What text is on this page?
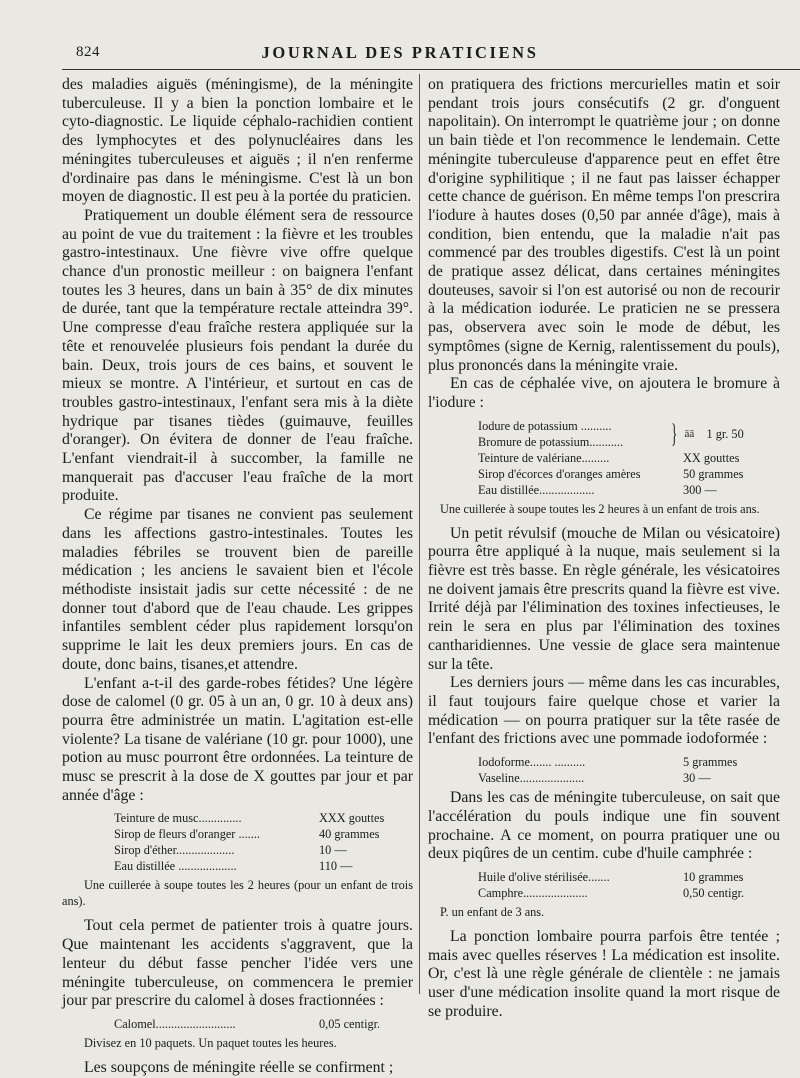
824	JOURNAL DES PRATICIENS

des maladies aiguës (méningisme), de la méningite tuberculeuse. Il y a bien la ponction lombaire et le cyto-diagnostic. Le liquide céphalo-rachidien contient des lymphocytes et des polynucléaires dans les méningites tuberculeuses et aiguës ; il n'en renferme d'ordinaire pas dans le méningisme. C'est là un bon moyen de diagnostic. Il est peu à la portée du praticien.

Pratiquement un double élément sera de ressource au point de vue du traitement : la fièvre et les troubles gastro-intestinaux. Une fièvre vive offre quelque chance d'un pronostic meilleur : on baignera l'enfant toutes les 3 heures, dans un bain à 35° de dix minutes de durée, tant que la température rectale atteindra 39°. Une compresse d'eau fraîche restera appliquée sur la tête et renouvelée plusieurs fois pendant la durée du bain. Deux, trois jours de ces bains, et souvent le mieux se montre. A l'intérieur, et surtout en cas de troubles gastro-intestinaux, l'enfant sera mis à la diète hydrique par tisanes tièdes (guimauve, feuilles d'oranger). On évitera de donner de l'eau fraîche. L'enfant viendrait-il à succomber, la famille ne manquerait pas d'accuser l'eau fraîche de la mort produite.

Ce régime par tisanes ne convient pas seulement dans les affections gastro-intestinales. Toutes les maladies fébriles se trouvent bien de pareille médication ; les anciens le savaient bien et l'école méthodiste insistait jadis sur cette nécessité : de ne donner tout d'abord que de l'eau chaude. Les grippes infantiles semblent céder plus rapidement lorsqu'on supprime le lait les deux premiers jours. En cas de doute, donc bains, tisanes,et attendre.

L'enfant a-t-il des garde-robes fétides? Une légère dose de calomel (0 gr. 05 à un an, 0 gr. 10 à deux ans) pourra être administrée un matin. L'agitation est-elle violente? La tisane de valériane (10 gr. pour 1000), une potion au musc pourront être ordonnées. La teinture de musc se prescrit à la dose de X gouttes par jour et par année d'âge :

Teinture de musc..............	XXX gouttes
Sirop de fleurs d'oranger .......	40 grammes
Sirop d'éther...................	10 —
Eau distillée ...................	110 —

Une cuillerée à soupe toutes les 2 heures (pour un enfant de trois ans).

Tout cela permet de patienter trois à quatre jours. Que maintenant les accidents s'aggravent, que la lenteur du début fasse pencher l'idée vers une méningite tuberculeuse, on commencera le premier jour par prescrire du calomel à doses fractionnées :

Calomel..........................	0,05 centigr.

Divisez en 10 paquets. Un paquet toutes les heures.

Les soupçons de méningite réelle se confirment ;

on pratiquera des frictions mercurielles matin et soir pendant trois jours consécutifs (2 gr. d'onguent napolitain). On interrompt le quatrième jour ; on donne un bain tiède et l'on recommence le lendemain. Cette méningite tuberculeuse d'apparence peut en effet être d'origine syphilitique ; il ne faut pas laisser échapper cette chance de guérison. En même temps l'on prescrira l'iodure à hautes doses (0,50 par année d'âge), mais à condition, bien entendu, que la maladie n'ait pas commencé par des troubles digestifs. C'est là un point de pratique assez délicat, dans certaines méningites douteuses, savoir si l'on est autorisé ou non de recourir à la médication iodurée. Le praticien ne se pressera pas, observera avec soin le mode de début, les symptômes (signe de Kernig, ralentissement du pouls), plus prononcés dans la méningite vraie.

En cas de céphalée vive, on ajoutera le bromure à l'iodure :

Iodure de potassium ..........
Bromure de potassium...........	} āā 1 gr. 50
Teinture de valériane.........	XX gouttes
Sirop d'écorces d'oranges amères	50 grammes
Eau distillée..................	300 —

Une cuillerée à soupe toutes les 2 heures à un enfant de trois ans.

Un petit révulsif (mouche de Milan ou vésicatoire) pourra être appliqué à la nuque, mais seulement si la fièvre est très basse. En règle générale, les vésicatoires ne doivent jamais être prescrits quand la fièvre est vive. Irrité déjà par l'élimination des toxines infectieuses, le rein le sera en plus par l'élimination des toxines cantharidiennes. Une vessie de glace sera maintenue sur la tête.

Les derniers jours — même dans les cas incurables, il faut toujours faire quelque chose et varier la médication — on pourra pratiquer sur la tête rasée de l'enfant des frictions avec une pommade iodoformée :

Iodoforme....... ..........	5 grammes
Vaseline.....................	30 —

Dans les cas de méningite tuberculeuse, on sait que l'accélération du pouls indique une fin souvent prochaine. A ce moment, on pourra pratiquer une ou deux piqûres de un centim. cube d'huile camphrée :

Huile d'olive stérilisée.......	10 grammes
Camphre.....................	0,50 centigr.

P. un enfant de 3 ans.

La ponction lombaire pourra parfois être tentée ; mais avec quelles réserves ! La médication est insolite. Or, c'est là une règle générale de clientèle : ne jamais user d'une médication insolite quand la mort risque de se produire.
